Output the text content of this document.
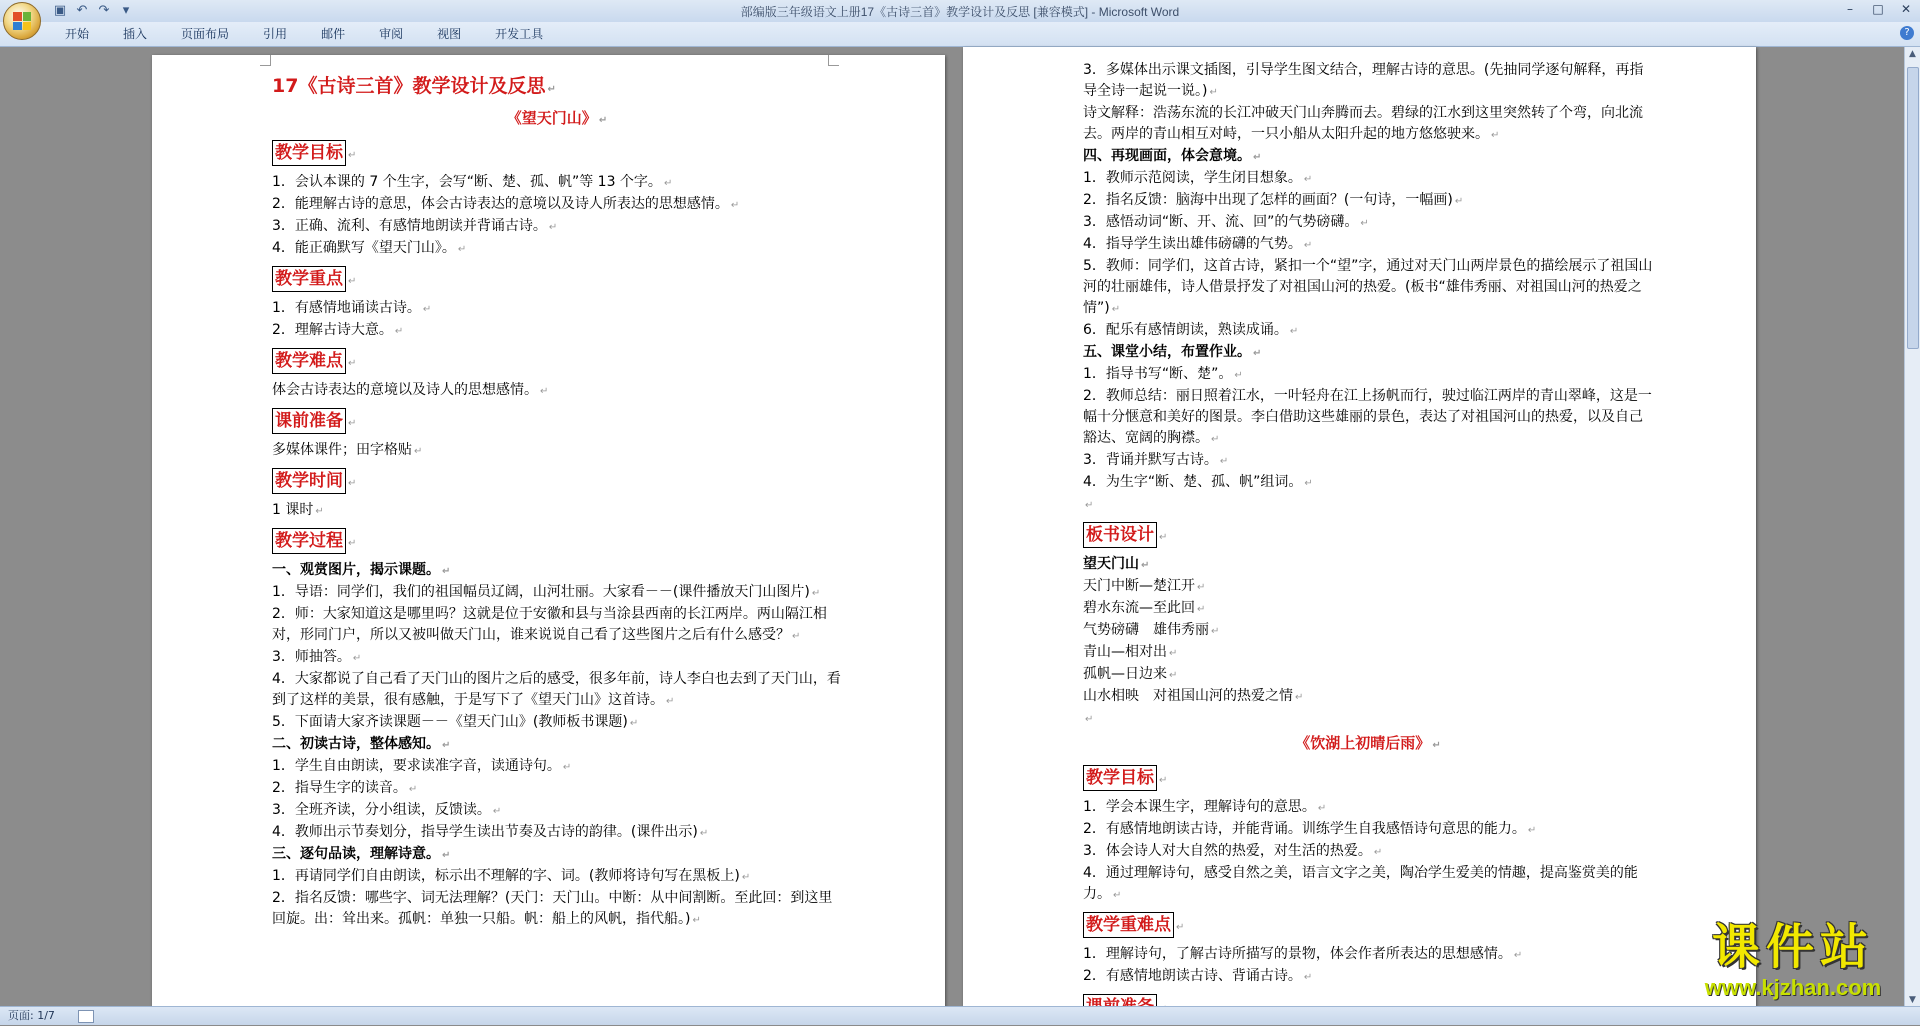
▣ ↶ ↷	▾	部编版三年级语文上册17《古诗三首》教学设计及反思 [兼容模式] - Microsoft Word	–	□	✕
开始	插入	页面布局	引用	邮件	审阅	视图	开发工具	?

17《古诗三首》教学设计及反思 ↵

《望天门山》 ↵

教学目标 ↵

1．会认本课的 7 个生字，会写“断、楚、孤、帆”等 13 个字。 ↵

2．能理解古诗的意思，体会古诗表达的意境以及诗人所表达的思想感情。 ↵

3．正确、流利、有感情地朗读并背诵古诗。 ↵

4．能正确默写《望天门山》。 ↵

教学重点 ↵

1．有感情地诵读古诗。 ↵

2．理解古诗大意。 ↵

教学难点 ↵

体会古诗表达的意境以及诗人的思想感情。 ↵

课前准备 ↵

多媒体课件；田字格贴 ↵

教学时间 ↵

1 课时 ↵

教学过程 ↵

一、观赏图片，揭示课题。 ↵

1．导语：同学们，我们的祖国幅员辽阔，山河壮丽。大家看－－(课件播放天门山图片) ↵

2．师：大家知道这是哪里吗？这就是位于安徽和县与当涂县西南的长江两岸。两山隔江相对，形同门户，所以又被叫做天门山，谁来说说自己看了这些图片之后有什么感受？ ↵

3．师抽答。 ↵

4．大家都说了自己看了天门山的图片之后的感受，很多年前，诗人李白也去到了天门山，看到了这样的美景，很有感触，于是写下了《望天门山》这首诗。 ↵

5．下面请大家齐读课题－－《望天门山》(教师板书课题) ↵

二、初读古诗，整体感知。 ↵

1．学生自由朗读，要求读准字音，读通诗句。 ↵

2．指导生字的读音。 ↵

3．全班齐读，分小组读，反馈读。 ↵

4．教师出示节奏划分，指导学生读出节奏及古诗的韵律。(课件出示) ↵

三、逐句品读，理解诗意。 ↵

1．再请同学们自由朗读，标示出不理解的字、词。(教师将诗句写在黑板上) ↵

2．指名反馈：哪些字、词无法理解？(天门：天门山。中断：从中间割断。至此回：到这里回旋。出：耸出来。孤帆：单独一只船。帆：船上的风帆，指代船。) ↵

3．多媒体出示课文插图，引导学生图文结合，理解古诗的意思。(先抽同学逐句解释，再指导全诗一起说一说。) ↵

诗文解释：浩荡东流的长江冲破天门山奔腾而去。碧绿的江水到这里突然转了个弯，向北流去。两岸的青山相互对峙，一只小船从太阳升起的地方悠悠驶来。 ↵

四、再现画面，体会意境。 ↵

1．教师示范阅读，学生闭目想象。 ↵

2．指名反馈：脑海中出现了怎样的画面？(一句诗，一幅画) ↵

3．感悟动词“断、开、流、回”的气势磅礴。 ↵

4．指导学生读出雄伟磅礴的气势。 ↵

5．教师：同学们，这首古诗，紧扣一个“望”字，通过对天门山两岸景色的描绘展示了祖国山河的壮丽雄伟，诗人借景抒发了对祖国山河的热爱。(板书“雄伟秀丽、对祖国山河的热爱之情”) ↵

6．配乐有感情朗读，熟读成诵。 ↵

五、课堂小结，布置作业。 ↵

1．指导书写“断、楚”。 ↵

2．教师总结：丽日照着江水，一叶轻舟在江上扬帆而行，驶过临江两岸的青山翠峰，这是一幅十分惬意和美好的图景。李白借助这些雄丽的景色，表达了对祖国河山的热爱，以及自己豁达、宽阔的胸襟。 ↵

3．背诵并默写古诗。 ↵

4．为生字“断、楚、孤、帆”组词。 ↵

↵

板书设计 ↵

望天门山 ↵

天门中断—楚江开 ↵

碧水东流—至此回 ↵

气势磅礴　雄伟秀丽 ↵

青山—相对出 ↵

孤帆—日边来 ↵

山水相映　对祖国山河的热爱之情 ↵

↵

《饮湖上初晴后雨》 ↵

教学目标 ↵

1．学会本课生字，理解诗句的意思。 ↵

2．有感情地朗读古诗，并能背诵。训练学生自我感悟诗句意思的能力。 ↵

3．体会诗人对大自然的热爱，对生活的热爱。 ↵

4．通过理解诗句，感受自然之美，语言文字之美，陶冶学生爱美的情趣，提高鉴赏美的能力。 ↵

教学重难点 ↵

1．理解诗句，了解古诗所描写的景物，体会作者所表达的思想感情。 ↵

2．有感情地朗读古诗、背诵古诗。 ↵

▲
▼
课件站
www.kjzhan.com
页面: 1/7
